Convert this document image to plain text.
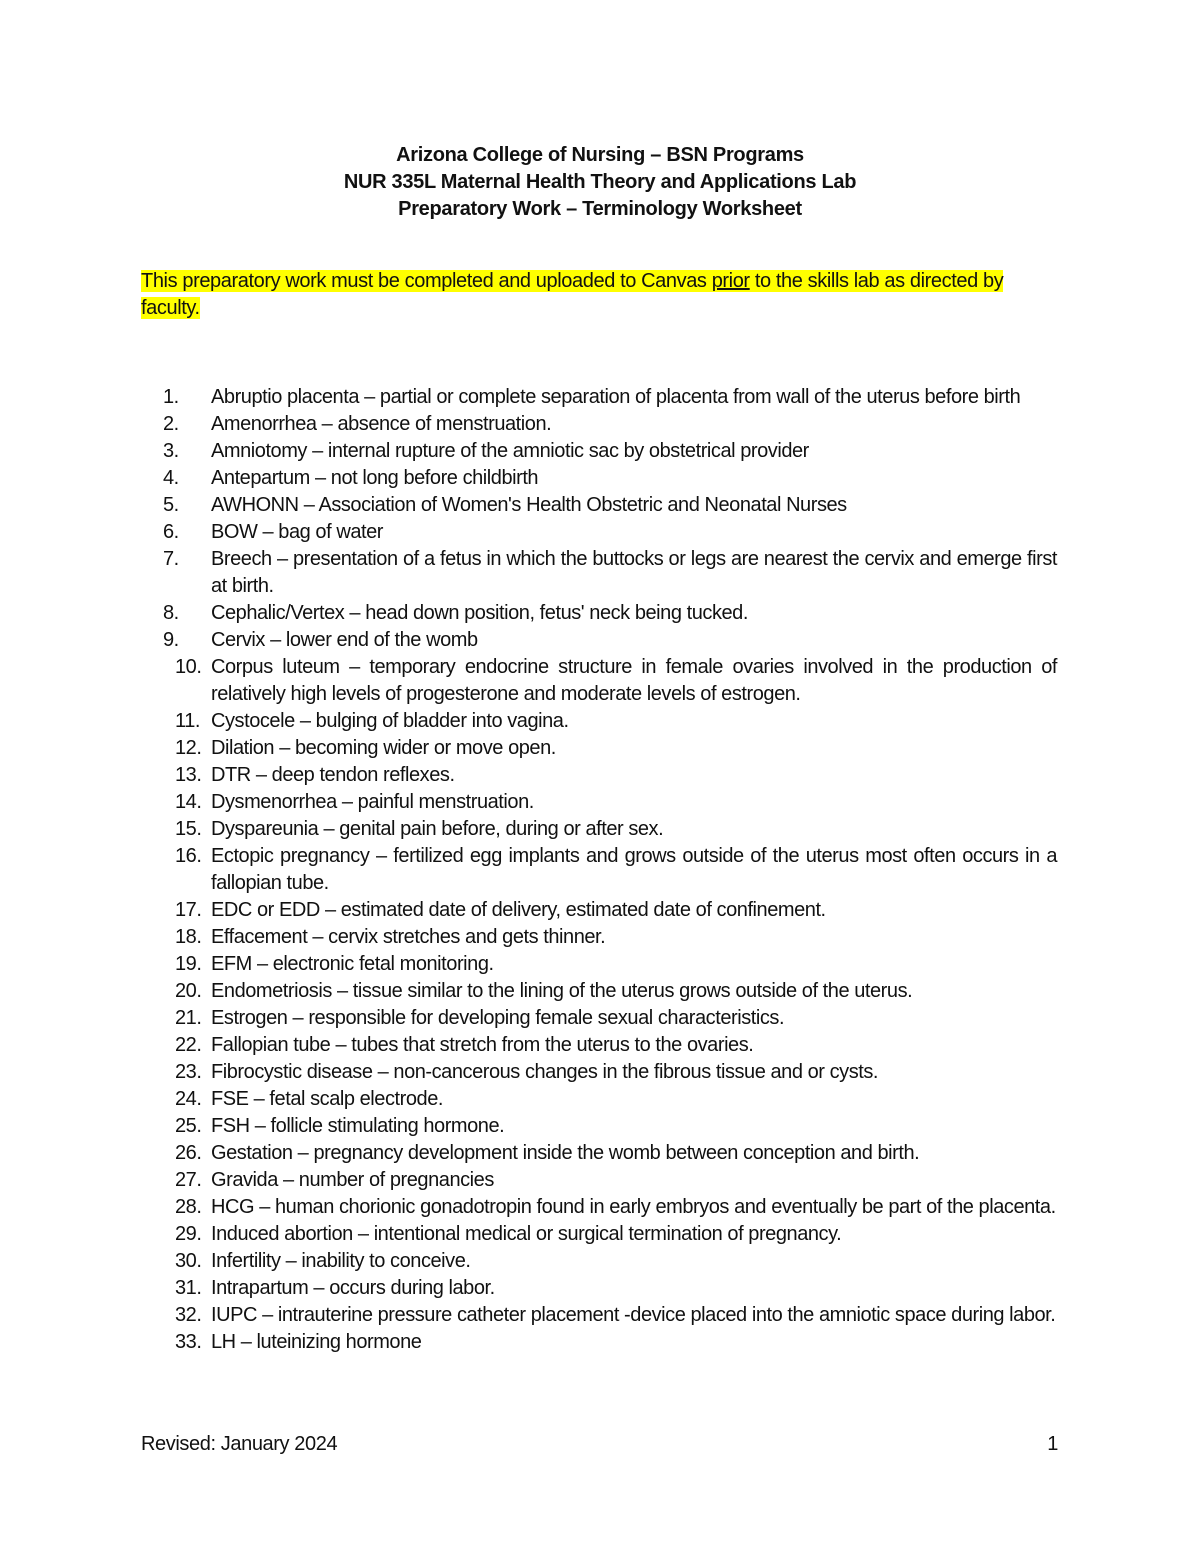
Arizona College of Nursing – BSN Programs
NUR 335L Maternal Health Theory and Applications Lab
Preparatory Work – Terminology Worksheet
This preparatory work must be completed and uploaded to Canvas prior to the skills lab as directed by faculty.
1. Abruptio placenta – partial or complete separation of placenta from wall of the uterus before birth
2. Amenorrhea – absence of menstruation.
3. Amniotomy – internal rupture of the amniotic sac by obstetrical provider
4. Antepartum – not long before childbirth
5. AWHONN – Association of Women's Health Obstetric and Neonatal Nurses
6. BOW – bag of water
7. Breech – presentation of a fetus in which the buttocks or legs are nearest the cervix and emerge first at birth.
8. Cephalic/Vertex – head down position, fetus' neck being tucked.
9. Cervix – lower end of the womb
10. Corpus luteum – temporary endocrine structure in female ovaries involved in the production of relatively high levels of progesterone and moderate levels of estrogen.
11. Cystocele – bulging of bladder into vagina.
12. Dilation – becoming wider or move open.
13. DTR – deep tendon reflexes.
14. Dysmenorrhea – painful menstruation.
15. Dyspareunia – genital pain before, during or after sex.
16. Ectopic pregnancy – fertilized egg implants and grows outside of the uterus most often occurs in a fallopian tube.
17. EDC or EDD – estimated date of delivery, estimated date of confinement.
18. Effacement – cervix stretches and gets thinner.
19. EFM – electronic fetal monitoring.
20. Endometriosis – tissue similar to the lining of the uterus grows outside of the uterus.
21. Estrogen – responsible for developing female sexual characteristics.
22. Fallopian tube – tubes that stretch from the uterus to the ovaries.
23. Fibrocystic disease – non-cancerous changes in the fibrous tissue and or cysts.
24. FSE – fetal scalp electrode.
25. FSH – follicle stimulating hormone.
26. Gestation – pregnancy development inside the womb between conception and birth.
27. Gravida – number of pregnancies
28. HCG – human chorionic gonadotropin found in early embryos and eventually be part of the placenta.
29. Induced abortion – intentional medical or surgical termination of pregnancy.
30. Infertility – inability to conceive.
31. Intrapartum – occurs during labor.
32. IUPC – intrauterine pressure catheter placement -device placed into the amniotic space during labor.
33. LH – luteinizing hormone
Revised: January 2024	1
